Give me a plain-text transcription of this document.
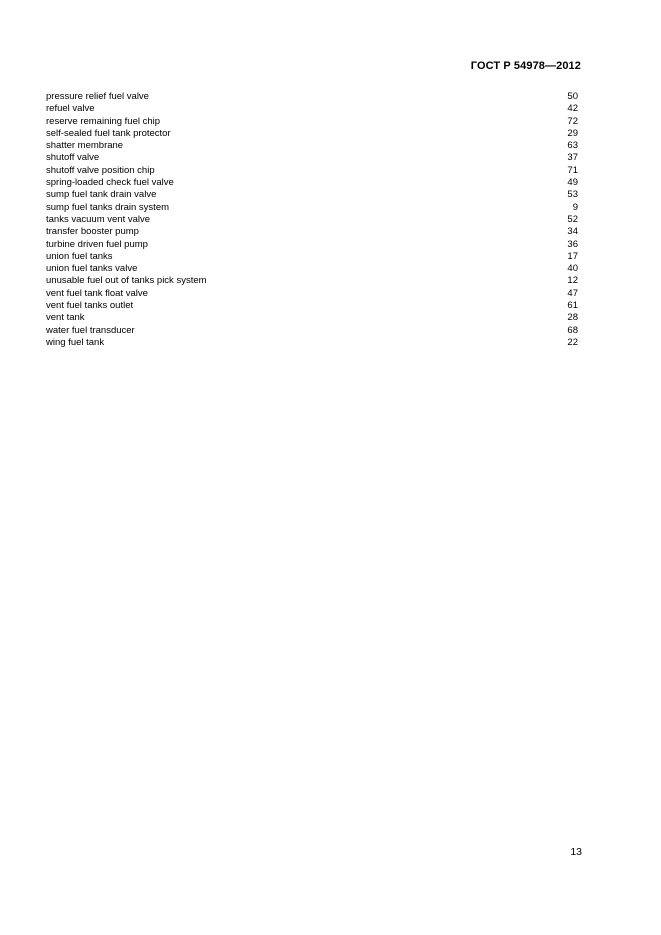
ГОСТ Р 54978—2012
pressure relief fuel valve	50
refuel valve	42
reserve remaining fuel chip	72
self-sealed fuel tank protector	29
shatter membrane	63
shutoff valve	37
shutoff valve position chip	71
spring-loaded check fuel valve	49
sump fuel tank drain valve	53
sump fuel tanks drain system	9
tanks vacuum vent valve	52
transfer booster pump	34
turbine driven fuel pump	36
union fuel tanks	17
union fuel tanks valve	40
unusable fuel out of tanks pick system	12
vent fuel tank float valve	47
vent fuel tanks outlet	61
vent tank	28
water fuel transducer	68
wing fuel tank	22
13
